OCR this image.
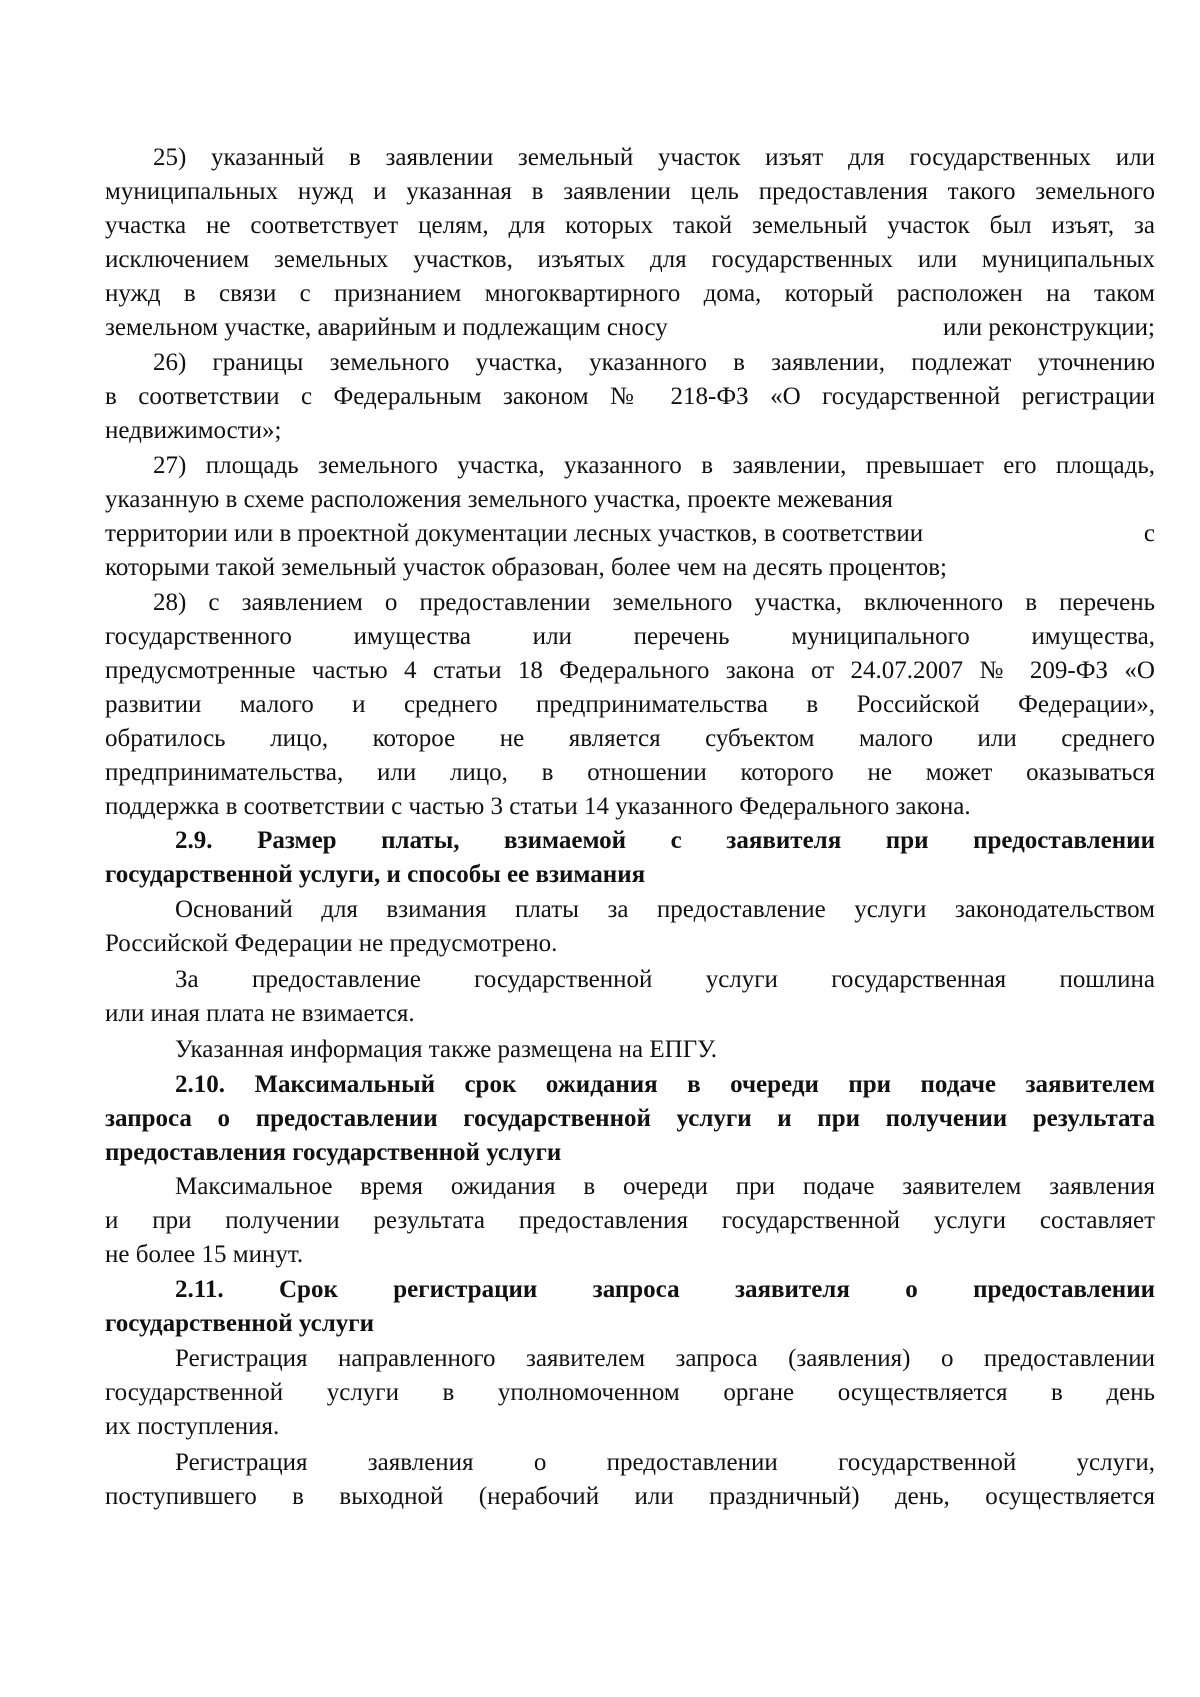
25) указанный в заявлении земельный участок изъят для государственных или
муниципальных нужд и указанная в заявлении цель предоставления такого земельного
участка не соответствует целям, для которых такой земельный участок был изъят, за
исключением земельных участков, изъятых для государственных или муниципальных
нужд в связи с признанием многоквартирного дома, который расположен на таком
земельном участке, аварийным и подлежащим сносу	или реконструкции;
26) границы земельного участка, указанного в заявлении, подлежат уточнению
в соответствии с Федеральным законом № 218-ФЗ «О государственной регистрации
недвижимости»;
27) площадь земельного участка, указанного в заявлении, превышает его площадь,
указанную в схеме расположения земельного участка, проекте межевания
территории или в проектной документации лесных участков, в соответствии	с
которыми такой земельный участок образован, более чем на десять процентов;
28) с заявлением о предоставлении земельного участка, включенного в перечень
государственного имущества или перечень муниципального имущества,
предусмотренные частью 4 статьи 18 Федерального закона от 24.07.2007 № 209-ФЗ «О
развитии малого и среднего предпринимательства в Российской Федерации»,
обратилось лицо, которое не является субъектом малого или среднего
предпринимательства, или лицо, в отношении которого не может оказываться
поддержка в соответствии с частью 3 статьи 14 указанного Федерального закона.
2.9. Размер платы, взимаемой с заявителя при предоставлении
государственной услуги, и способы ее взимания
Оснований для взимания платы за предоставление услуги законодательством
Российской Федерации не предусмотрено.
За предоставление государственной услуги государственная пошлина
или иная плата не взимается.
Указанная информация также размещена на ЕПГУ.
2.10. Максимальный срок ожидания в очереди при подаче заявителем
запроса о предоставлении государственной услуги и при получении результата
предоставления государственной услуги
Максимальное время ожидания в очереди при подаче заявителем заявления
и при получении результата предоставления государственной услуги составляет
не более 15 минут.
2.11. Срок регистрации запроса заявителя о предоставлении
государственной услуги
Регистрация направленного заявителем запроса (заявления) о предоставлении
государственной услуги в уполномоченном органе осуществляется в день
их поступления.
Регистрация заявления о предоставлении государственной услуги,
поступившего в выходной (нерабочий или праздничный) день, осуществляется
